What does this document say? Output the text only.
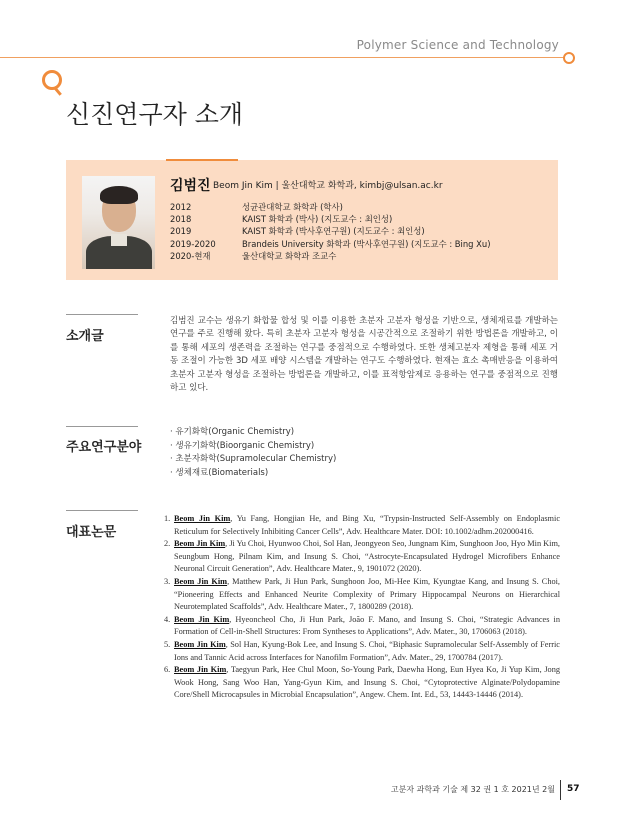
Polymer Science and Technology
신진연구자 소개
김범진 Beom Jin Kim | 울산대학교 화학과, kimbj@ulsan.ac.kr
2012	성균관대학교 화학과 (학사)
2018	KAIST 화학과 (박사) (지도교수 : 최인성)
2019	KAIST 화학과 (박사후연구원) (지도교수 : 최인성)
2019-2020	Brandeis University 화학과 (박사후연구원) (지도교수 : Bing Xu)
2020-현재	울산대학교 화학과 조교수
소개글
김범진 교수는 생유기 화합물 합성 및 이를 이용한 초분자 고분자 형성을 기반으로, 생체재료를 개발하는 연구를 주로 진행해 왔다. 특히 초분자 고분자 형성을 시공간적으로 조절하기 위한 방법론을 개발하고, 이를 통해 세포의 생존력을 조절하는 연구를 중점적으로 수행하였다. 또한 생체고분자 제형을 통해 세포 거동 조절이 가능한 3D 세포 배양 시스템을 개발하는 연구도 수행하였다. 현재는 효소 촉매반응을 이용하여 초분자 고분자 형성을 조절하는 방법론을 개발하고, 이를 표적항암제로 응용하는 연구를 중점적으로 진행하고 있다.
주요연구분야
· 유기화학(Organic Chemistry)
· 생유기화학(Bioorganic Chemistry)
· 초분자화학(Supramolecular Chemistry)
· 생체재료(Biomaterials)
대표논문
1. Beom Jin Kim, Yu Fang, Hongjian He, and Bing Xu, “Trypsin-Instructed Self-Assembly on Endoplasmic Reticulum for Selectively Inhibiting Cancer Cells”, Adv. Healthcare Mater. DOI: 10.1002/adhm.202000416.
2. Beom Jin Kim, Ji Yu Choi, Hyunwoo Choi, Sol Han, Jeongyeon Seo, Jungnam Kim, Sunghoon Joo, Hyo Min Kim, Seungbum Hong, Pilnam Kim, and Insung S. Choi, “Astrocyte-Encapsulated Hydrogel Microfibers Enhance Neuronal Circuit Generation”, Adv. Healthcare Mater., 9, 1901072 (2020).
3. Beom Jin Kim, Matthew Park, Ji Hun Park, Sunghoon Joo, Mi-Hee Kim, Kyungtae Kang, and Insung S. Choi, “Pioneering Effects and Enhanced Neurite Complexity of Primary Hippocampal Neurons on Hierarchical Neurotemplated Scaffolds”, Adv. Healthcare Mater., 7, 1800289 (2018).
4. Beom Jin Kim, Hyeoncheol Cho, Ji Hun Park, João F. Mano, and Insung S. Choi, “Strategic Advances in Formation of Cell-in-Shell Structures: From Syntheses to Applications”, Adv. Mater., 30, 1706063 (2018).
5. Beom Jin Kim, Sol Han, Kyung-Bok Lee, and Insung S. Choi, “Biphasic Supramolecular Self-Assembly of Ferric Ions and Tannic Acid across Interfaces for Nanofilm Formation”, Adv. Mater., 29, 1700784 (2017).
6. Beom Jin Kim, Taegyun Park, Hee Chul Moon, So-Young Park, Daewha Hong, Eun Hyea Ko, Ji Yup Kim, Jong Wook Hong, Sang Woo Han, Yang-Gyun Kim, and Insung S. Choi, “Cytoprotective Alginate/Polydopamine Core/Shell Microcapsules in Microbial Encapsulation”, Angew. Chem. Int. Ed., 53, 14443-14446 (2014).
고분자 과학과 기술 제 32 권 1 호 2021년 2월 57
